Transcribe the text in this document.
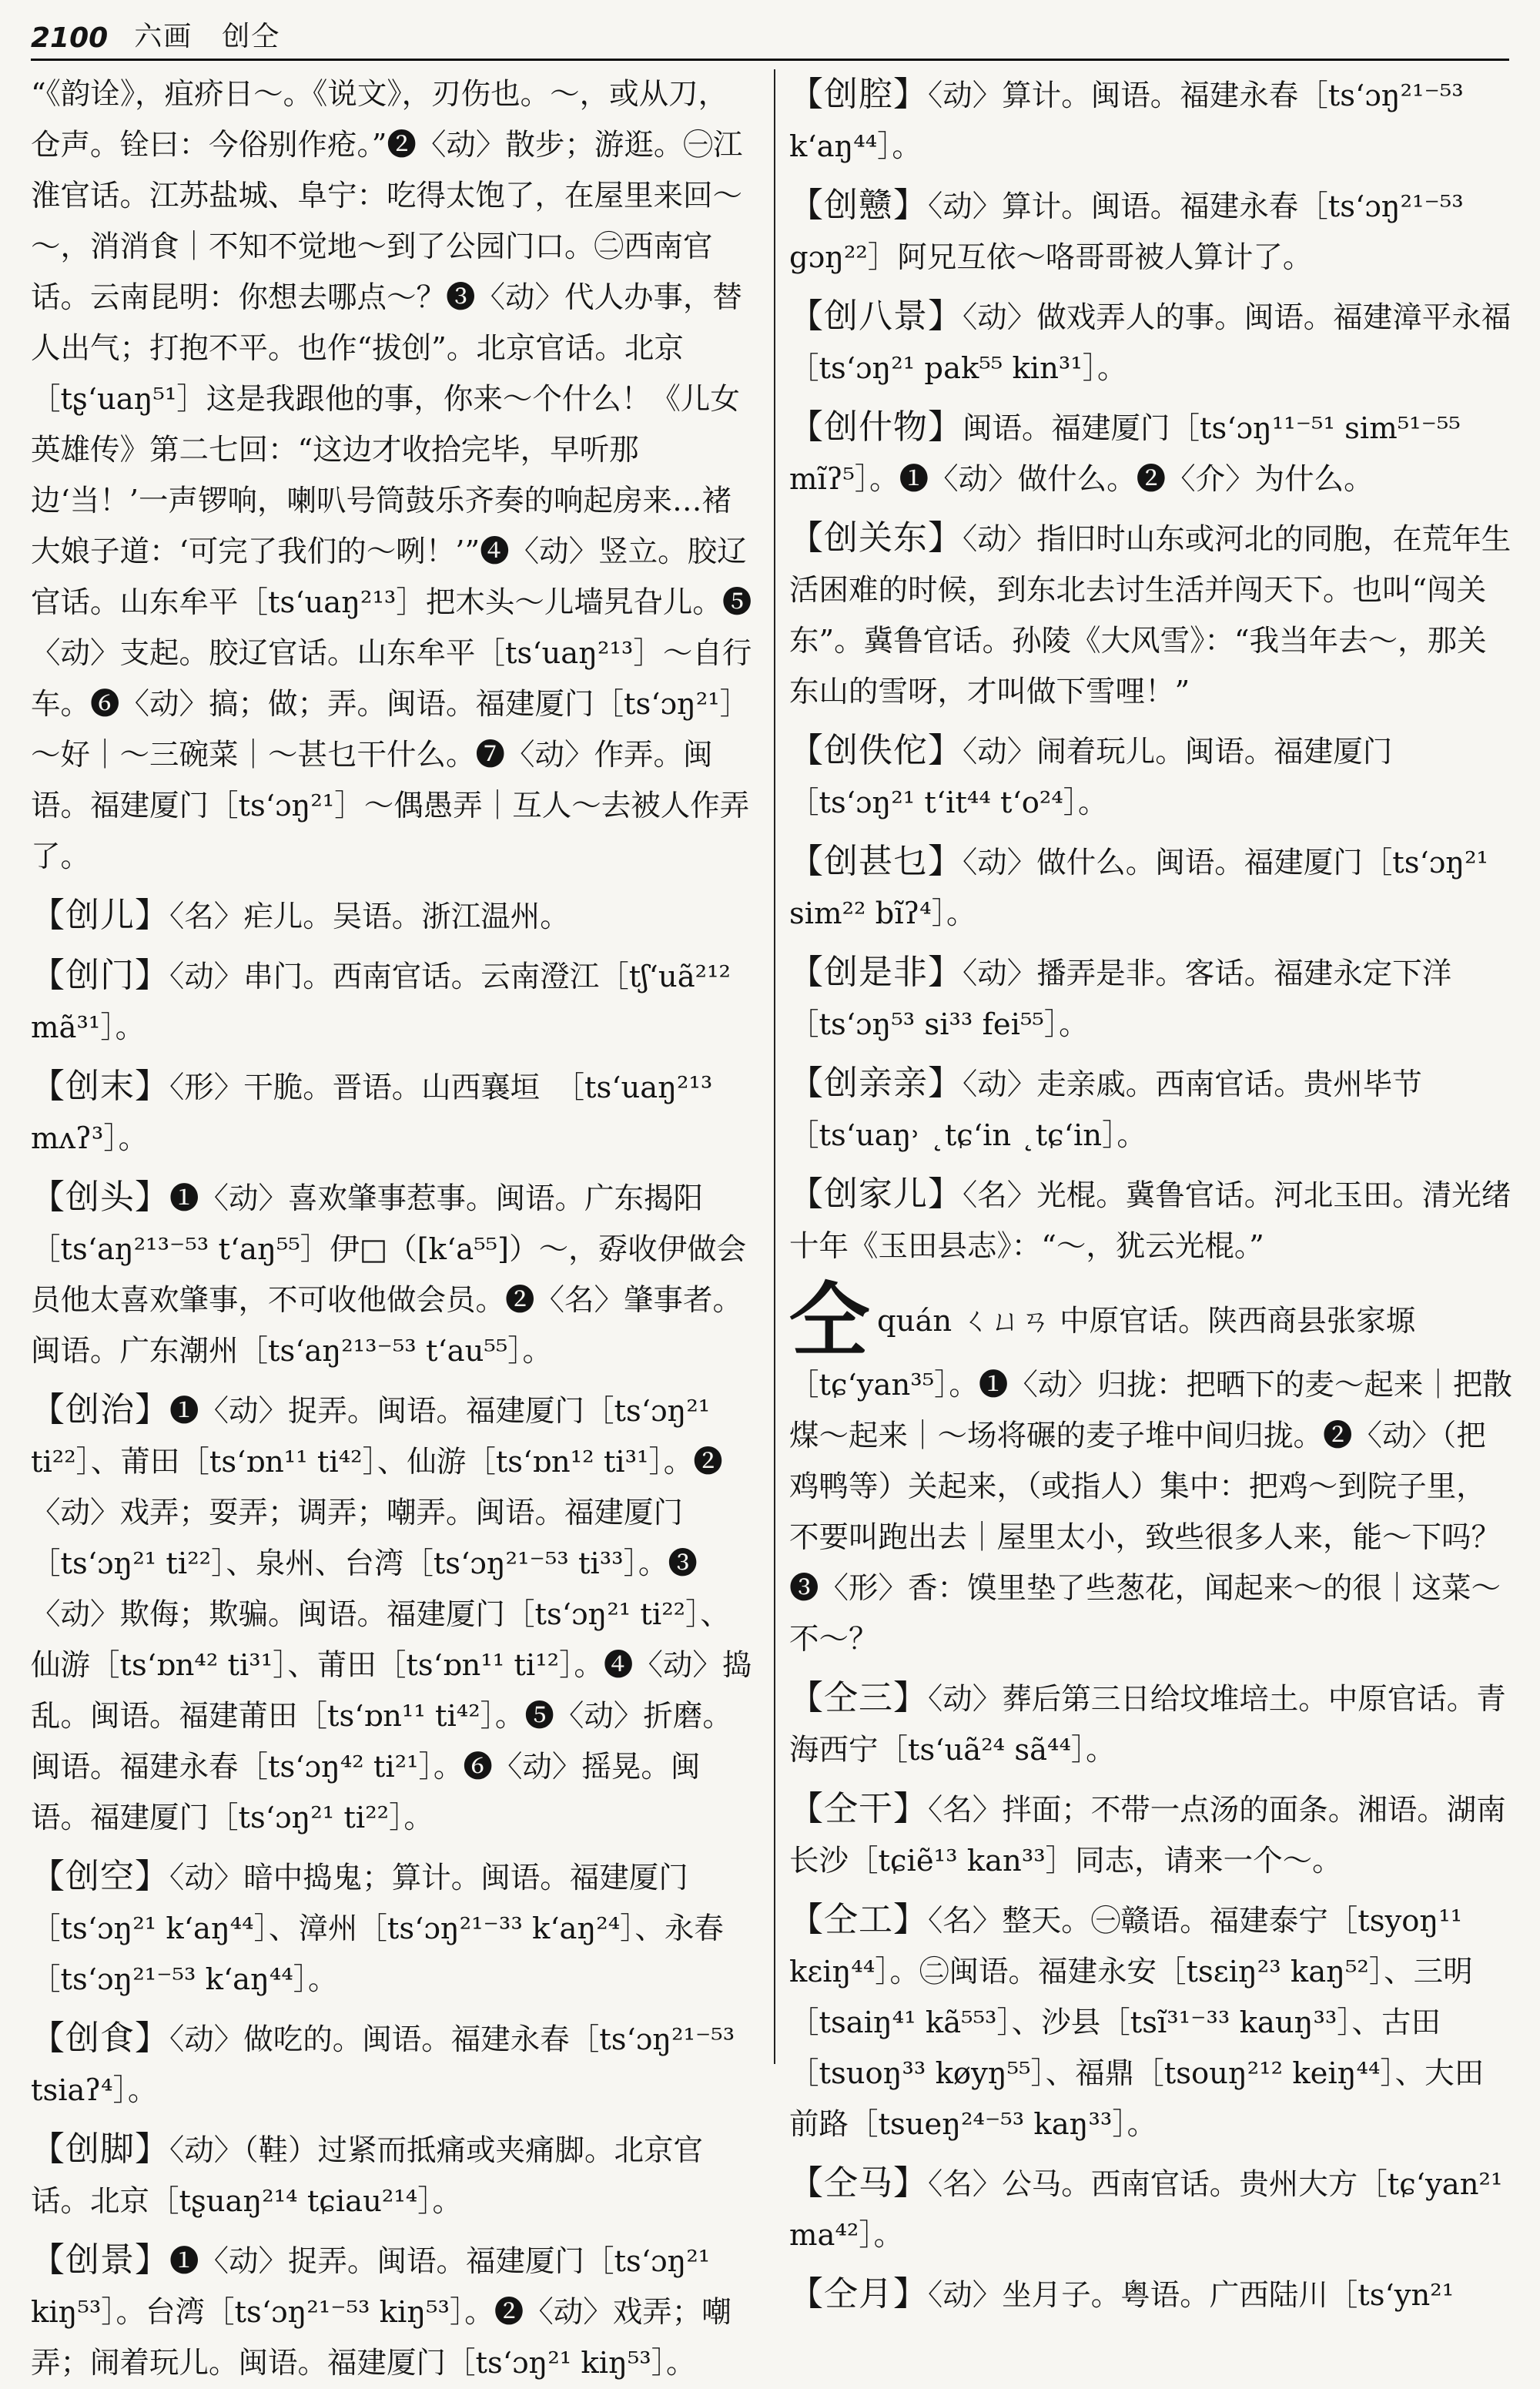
2100 六画　创仝
“《韵诠》，疽疥日～。《说文》，刃伤也。～，或从刀，仓声。铨曰：今俗别作疮。”❷〈动〉散步；游逛。㊀江淮官话。江苏盐城、阜宁：吃得太饱了，在屋里来回～～，消消食｜不知不觉地～到了公园门口。㊁西南官话。云南昆明：你想去哪点～？❸〈动〉代人办事，替人出气；打抱不平。也作“拔创”。北京官话。北京［tʂʻuaŋ⁵¹］这是我跟他的事，你来～个什么！《儿女英雄传》第二七回：“这边才收拾完毕，早听那边‘当！’一声锣响，喇叭号筒鼓乐齐奏的响起房来…褚大娘子道：‘可完了我们的～咧！’”❹〈动〉竖立。胶辽官话。山东牟平［tsʻuaŋ²¹³］把木头～儿墙旯旮儿。❺〈动〉支起。胶辽官话。山东牟平［tsʻuaŋ²¹³］～自行车。❻〈动〉搞；做；弄。闽语。福建厦门［tsʻɔŋ²¹］～好｜～三碗菜｜～甚乜干什么。❼〈动〉作弄。闽语。福建厦门［tsʻɔŋ²¹］～偶愚弄｜互人～去被人作弄了。
【创儿】〈名〉疟儿。吴语。浙江温州。
【创门】〈动〉串门。西南官话。云南澄江［tʃʻuã²¹² mã³¹］。
【创末】〈形〉干脆。晋语。山西襄垣　［tsʻuaŋ²¹³ mʌʔ³］。
【创头】❶〈动〉喜欢肇事惹事。闽语。广东揭阳［tsʻaŋ²¹³⁻⁵³ tʻaŋ⁵⁵］伊□（[kʻa⁵⁵]）～，孬收伊做会员他太喜欢肇事，不可收他做会员。❷〈名〉肇事者。闽语。广东潮州［tsʻaŋ²¹³⁻⁵³ tʻau⁵⁵］。
【创治】❶〈动〉捉弄。闽语。福建厦门［tsʻɔŋ²¹ ti²²］、莆田［tsʻɒn¹¹ ti⁴²］、仙游［tsʻɒn¹² ti³¹］。❷〈动〉戏弄；耍弄；调弄；嘲弄。闽语。福建厦门［tsʻɔŋ²¹ ti²²］、泉州、台湾［tsʻɔŋ²¹⁻⁵³ ti³³］。❸〈动〉欺侮；欺骗。闽语。福建厦门［tsʻɔŋ²¹ ti²²］、仙游［tsʻɒn⁴² ti³¹］、莆田［tsʻɒn¹¹ ti¹²］。❹〈动〉捣乱。闽语。福建莆田［tsʻɒn¹¹ ti⁴²］。❺〈动〉折磨。闽语。福建永春［tsʻɔŋ⁴² ti²¹］。❻〈动〉摇晃。闽语。福建厦门［tsʻɔŋ²¹ ti²²］。
【创空】〈动〉暗中捣鬼；算计。闽语。福建厦门［tsʻɔŋ²¹ kʻaŋ⁴⁴］、漳州［tsʻɔŋ²¹⁻³³ kʻaŋ²⁴］、永春［tsʻɔŋ²¹⁻⁵³ kʻaŋ⁴⁴］。
【创食】〈动〉做吃的。闽语。福建永春［tsʻɔŋ²¹⁻⁵³ tsiaʔ⁴］。
【创脚】〈动〉（鞋）过紧而抵痛或夹痛脚。北京官话。北京［tʂuaŋ²¹⁴ tɕiau²¹⁴］。
【创景】❶〈动〉捉弄。闽语。福建厦门［tsʻɔŋ²¹ kiŋ⁵³］。台湾［tsʻɔŋ²¹⁻⁵³ kiŋ⁵³］。❷〈动〉戏弄；嘲弄；闹着玩儿。闽语。福建厦门［tsʻɔŋ²¹ kiŋ⁵³］。
【创腔】〈动〉算计。闽语。福建永春［tsʻɔŋ²¹⁻⁵³ kʻaŋ⁴⁴］。
【创戆】〈动〉算计。闽语。福建永春［tsʻɔŋ²¹⁻⁵³ gɔŋ²²］阿兄互依～咯哥哥被人算计了。
【创八景】〈动〉做戏弄人的事。闽语。福建漳平永福［tsʻɔŋ²¹ pak⁵⁵ kin³¹］。
【创什物】闽语。福建厦门［tsʻɔŋ¹¹⁻⁵¹ sim⁵¹⁻⁵⁵ mĩʔ⁵］。❶〈动〉做什么。❷〈介〉为什么。
【创关东】〈动〉指旧时山东或河北的同胞，在荒年生活困难的时候，到东北去讨生活并闯天下。也叫“闯关东”。冀鲁官话。孙陵《大风雪》：“我当年去～，那关东山的雪呀，才叫做下雪哩！”
【创佚佗】〈动〉闹着玩儿。闽语。福建厦门［tsʻɔŋ²¹ tʻit⁴⁴ tʻo²⁴］。
【创甚乜】〈动〉做什么。闽语。福建厦门［tsʻɔŋ²¹ sim²² bĩʔ⁴］。
【创是非】〈动〉播弄是非。客话。福建永定下洋［tsʻɔŋ⁵³ si³³ fei⁵⁵］。
【创亲亲】〈动〉走亲戚。西南官话。贵州毕节［tsʻuaŋ˒ ˛tɕʻin ˛tɕʻin］。
【创家儿】〈名〉光棍。冀鲁官话。河北玉田。清光绪十年《玉田县志》：“～，犹云光棍。”
仝quán ㄑㄩㄢ 中原官话。陕西商县张家塬［tɕʻyan³⁵］。❶〈动〉归拢：把晒下的麦～起来｜把散煤～起来｜～场将碾的麦子堆中间归拢。❷〈动〉（把鸡鸭等）关起来，（或指人）集中：把鸡～到院子里，不要叫跑出去｜屋里太小，致些很多人来，能～下吗？❸〈形〉香：馍里垫了些葱花，闻起来～的很｜这菜～不～？
【仝三】〈动〉葬后第三日给坟堆培土。中原官话。青海西宁［tsʻuã²⁴ sã⁴⁴］。
【仝干】〈名〉拌面；不带一点汤的面条。湘语。湖南长沙［tɕiẽ¹³ kan³³］同志，请来一个～。
【仝工】〈名〉整天。㊀赣语。福建泰宁［tsyoŋ¹¹ kɛiŋ⁴⁴］。㊁闽语。福建永安［tsɛiŋ²³ kaŋ⁵²］、三明［tsaiŋ⁴¹ kã⁵⁵³］、沙县［tsĩ³¹⁻³³ kauŋ³³］、古田［tsuoŋ³³ køyŋ⁵⁵］、福鼎［tsouŋ²¹² keiŋ⁴⁴］、大田前路［tsueŋ²⁴⁻⁵³ kaŋ³³］。
【仝马】〈名〉公马。西南官话。贵州大方［tɕʻyan²¹ ma⁴²］。
【仝月】〈动〉坐月子。粤语。广西陆川［tsʻyn²¹
